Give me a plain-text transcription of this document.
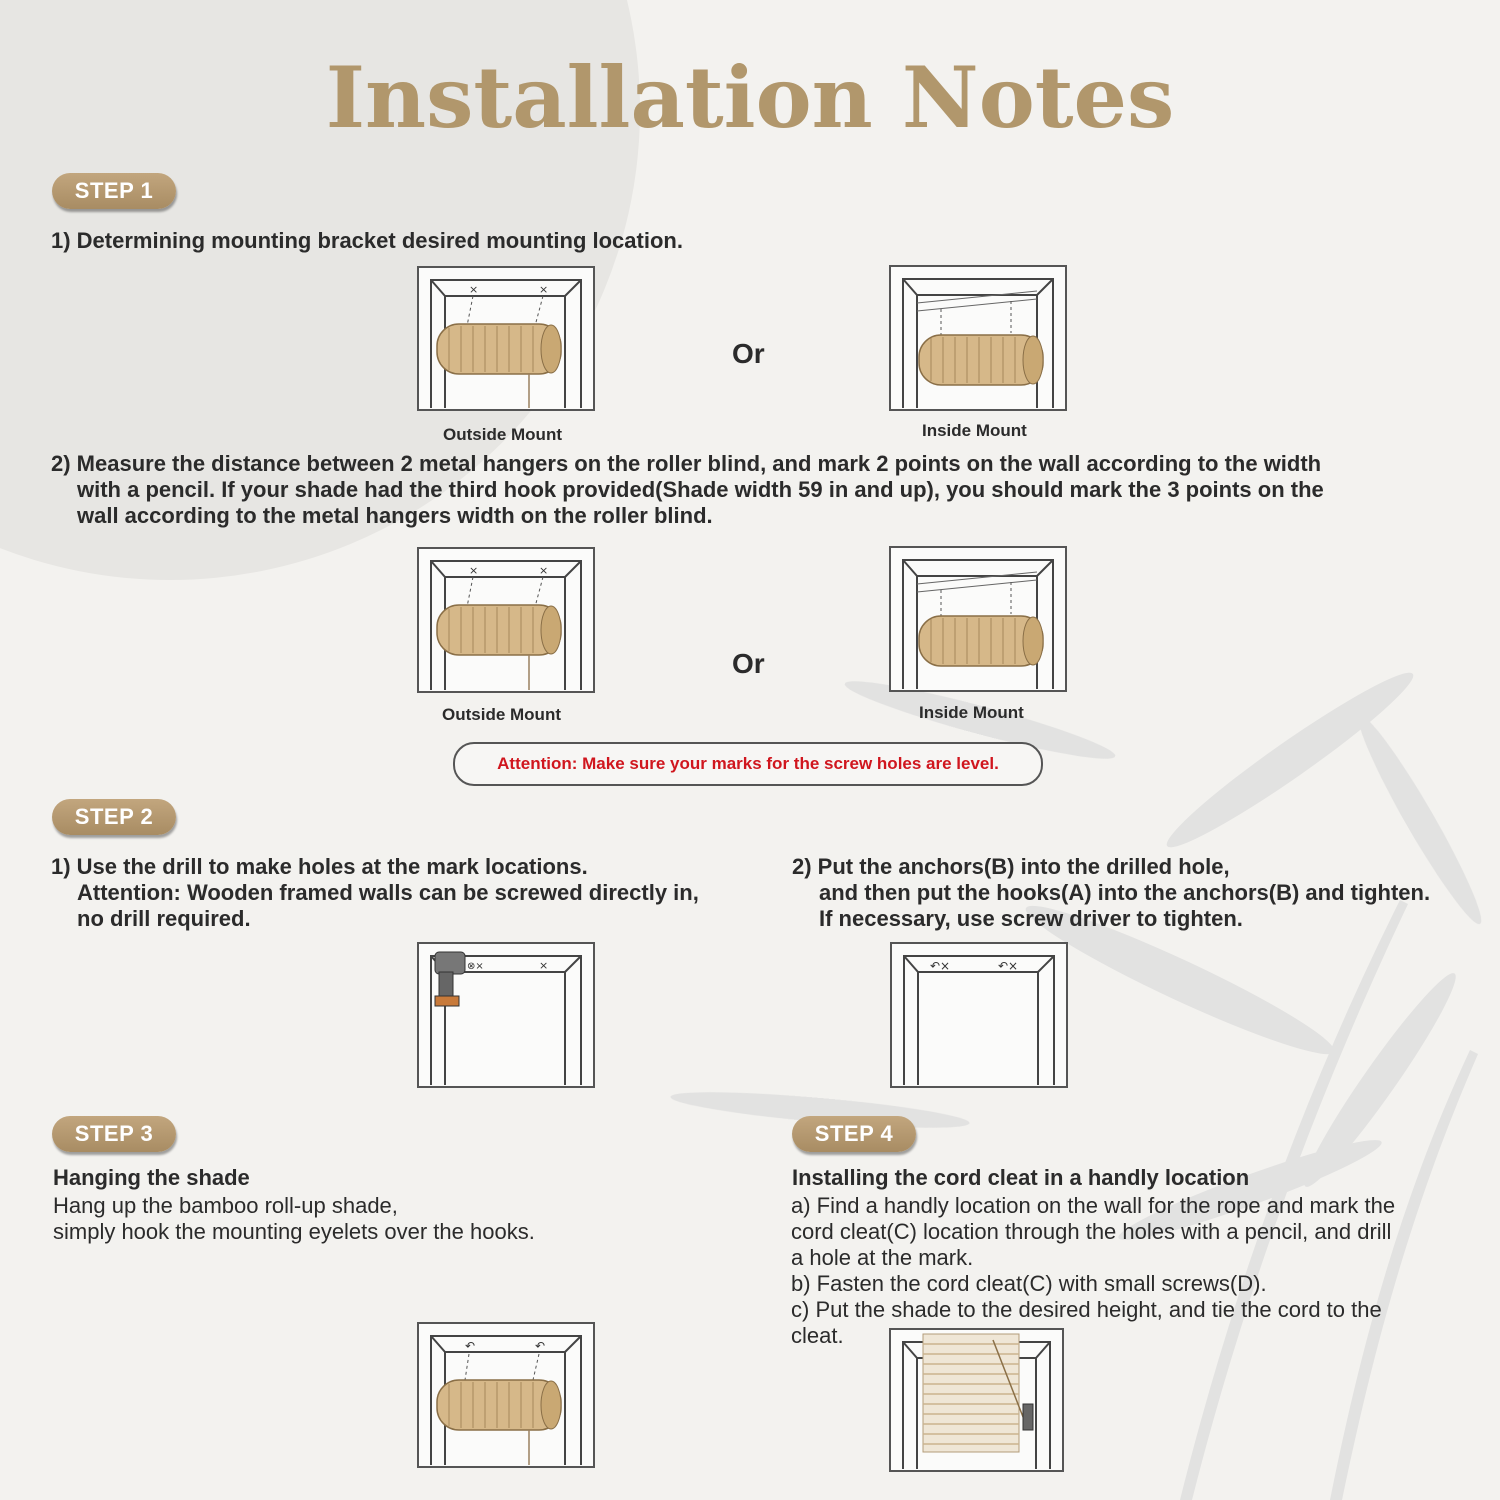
Installation Notes
STEP 1
1) Determining mounting bracket desired mounting location.
×	×
Or
Outside Mount	Inside Mount
2) Measure the distance between 2 metal hangers on the roller blind, and mark 2 points on the wall according to the width
with a pencil. If your shade had the third hook provided(Shade width 59 in and up), you should mark the 3 points on the
wall according to the metal hangers width on the roller blind.
×	×
Or
Outside Mount	Inside Mount
Attention: Make sure your marks for the screw holes are level.
STEP 2
1) Use the drill to make holes at the mark locations.
Attention: Wooden framed walls can be screwed directly in,
no drill required.
2) Put the anchors(B) into the drilled hole,
and then put the hooks(A) into the anchors(B) and tighten.
If necessary, use screw driver to tighten.
×
⊗×	↶×	↶×
STEP 3
Hanging the shade
Hang up the bamboo roll-up shade,
simply hook the mounting eyelets over the hooks.
↶	↶
STEP 4
Installing the cord cleat in a handly location
a) Find a handly location on the wall for the rope and mark the
cord cleat(C) location through the holes with a pencil, and drill
a hole at the mark.
b) Fasten the cord cleat(C) with small screws(D).
c) Put the shade to the desired height, and tie the cord to the
cleat.
